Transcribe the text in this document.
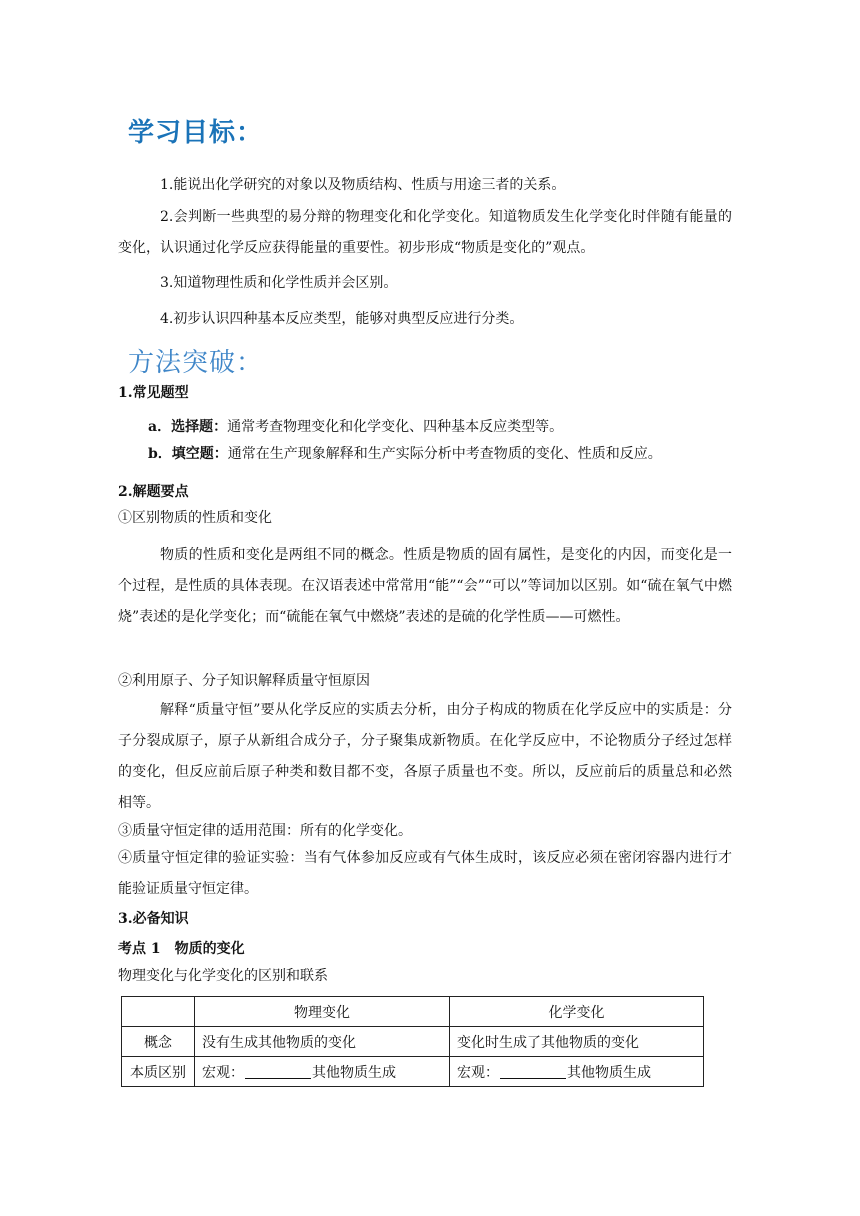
学习目标：

1.能说出化学研究的对象以及物质结构、性质与用途三者的关系。

2.会判断一些典型的易分辩的物理变化和化学变化。知道物质发生化学变化时伴随有能量的变化，认识通过化学反应获得能量的重要性。初步形成“物质是变化的”观点。

3.知道物理性质和化学性质并会区别。

4.初步认识四种基本反应类型，能够对典型反应进行分类。

方法突破：

1.常见题型

a．选择题：通常考查物理变化和化学变化、四种基本反应类型等。

b．填空题：通常在生产现象解释和生产实际分析中考查物质的变化、性质和反应。

2.解题要点

①区别物质的性质和变化

物质的性质和变化是两组不同的概念。性质是物质的固有属性，是变化的内因，而变化是一个过程，是性质的具体表现。在汉语表述中常常用“能”“会”“可以”等词加以区别。如“硫在氧气中燃烧”表述的是化学变化；而“硫能在氧气中燃烧”表述的是硫的化学性质——可燃性。

②利用原子、分子知识解释质量守恒原因

解释“质量守恒”要从化学反应的实质去分析，由分子构成的物质在化学反应中的实质是：分子分裂成原子，原子从新组合成分子，分子聚集成新物质。在化学反应中，不论物质分子经过怎样的变化，但反应前后原子种类和数目都不变，各原子质量也不变。所以，反应前后的质量总和必然相等。

③质量守恒定律的适用范围：所有的化学变化。

④质量守恒定律的验证实验：当有气体参加反应或有气体生成时，该反应必须在密闭容器内进行才能验证质量守恒定律。

3.必备知识

考点 1　物质的变化

物理变化与化学变化的区别和联系

	物理变化	化学变化
概念	没有生成其他物质的变化	变化时生成了其他物质的变化
本质区别	宏观： 其他物质生成	宏观： 其他物质生成
